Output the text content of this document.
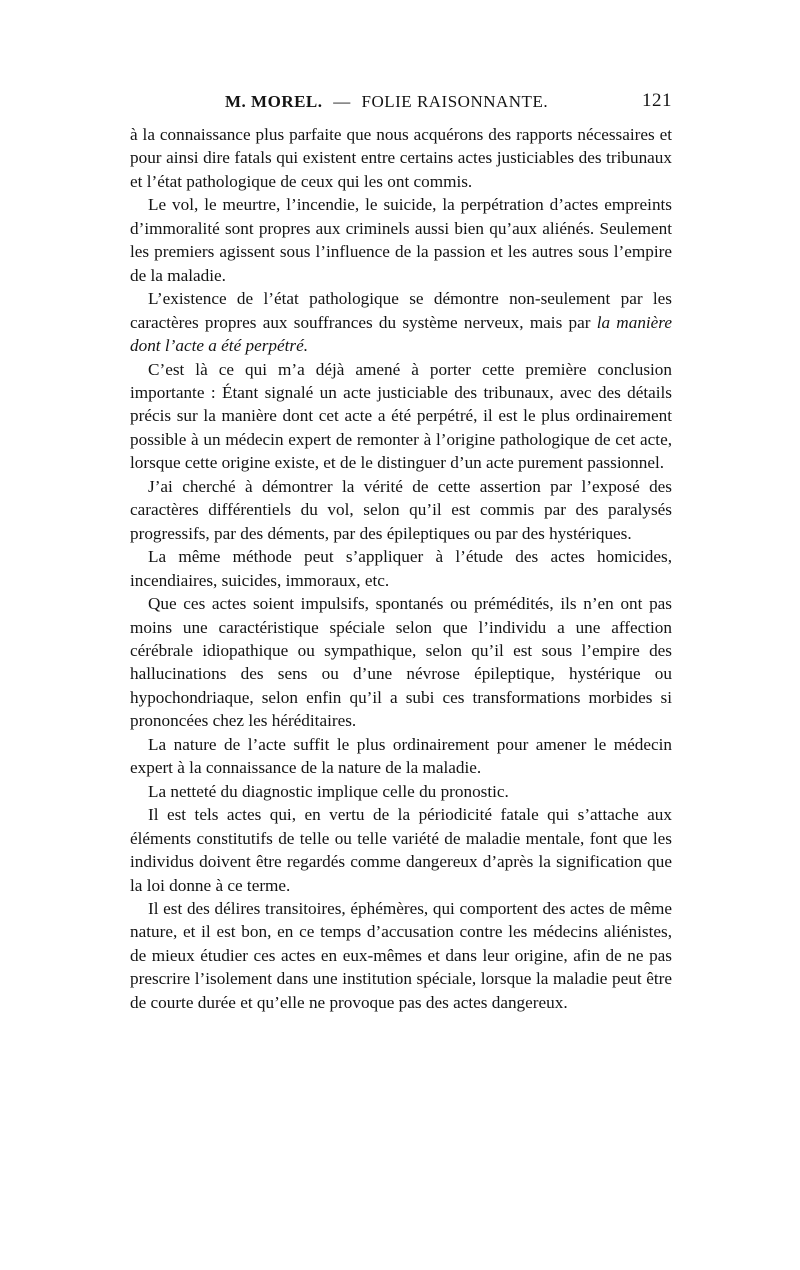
M. MOREL. — FOLIE RAISONNANTE.	121

à la connaissance plus parfaite que nous acquérons des rapports nécessaires et pour ainsi dire fatals qui existent entre certains actes justiciables des tribunaux et l’état pathologique de ceux qui les ont commis.

Le vol, le meurtre, l’incendie, le suicide, la perpétration d’actes empreints d’immoralité sont propres aux criminels aussi bien qu’aux aliénés. Seulement les premiers agissent sous l’influence de la passion et les autres sous l’empire de la maladie.

L’existence de l’état pathologique se démontre non-seulement par les caractères propres aux souffrances du système nerveux, mais par la manière dont l’acte a été perpétré.

C’est là ce qui m’a déjà amené à porter cette première conclusion importante : Étant signalé un acte justiciable des tribunaux, avec des détails précis sur la manière dont cet acte a été perpétré, il est le plus ordinairement possible à un médecin expert de remonter à l’origine pathologique de cet acte, lorsque cette origine existe, et de le distinguer d’un acte purement passionnel.

J’ai cherché à démontrer la vérité de cette assertion par l’exposé des caractères différentiels du vol, selon qu’il est commis par des paralysés progressifs, par des déments, par des épileptiques ou par des hystériques.

La même méthode peut s’appliquer à l’étude des actes homicides, incendiaires, suicides, immoraux, etc.

Que ces actes soient impulsifs, spontanés ou prémédités, ils n’en ont pas moins une caractéristique spéciale selon que l’individu a une affection cérébrale idiopathique ou sympathique, selon qu’il est sous l’empire des hallucinations des sens ou d’une névrose épileptique, hystérique ou hypochondriaque, selon enfin qu’il a subi ces transformations morbides si prononcées chez les héréditaires.

La nature de l’acte suffit le plus ordinairement pour amener le médecin expert à la connaissance de la nature de la maladie.

La netteté du diagnostic implique celle du pronostic.

Il est tels actes qui, en vertu de la périodicité fatale qui s’attache aux éléments constitutifs de telle ou telle variété de maladie mentale, font que les individus doivent être regardés comme dangereux d’après la signification que la loi donne à ce terme.

Il est des délires transitoires, éphémères, qui comportent des actes de même nature, et il est bon, en ce temps d’accusation contre les médecins aliénistes, de mieux étudier ces actes en eux-mêmes et dans leur origine, afin de ne pas prescrire l’isolement dans une institution spéciale, lorsque la maladie peut être de courte durée et qu’elle ne provoque pas des actes dangereux.
